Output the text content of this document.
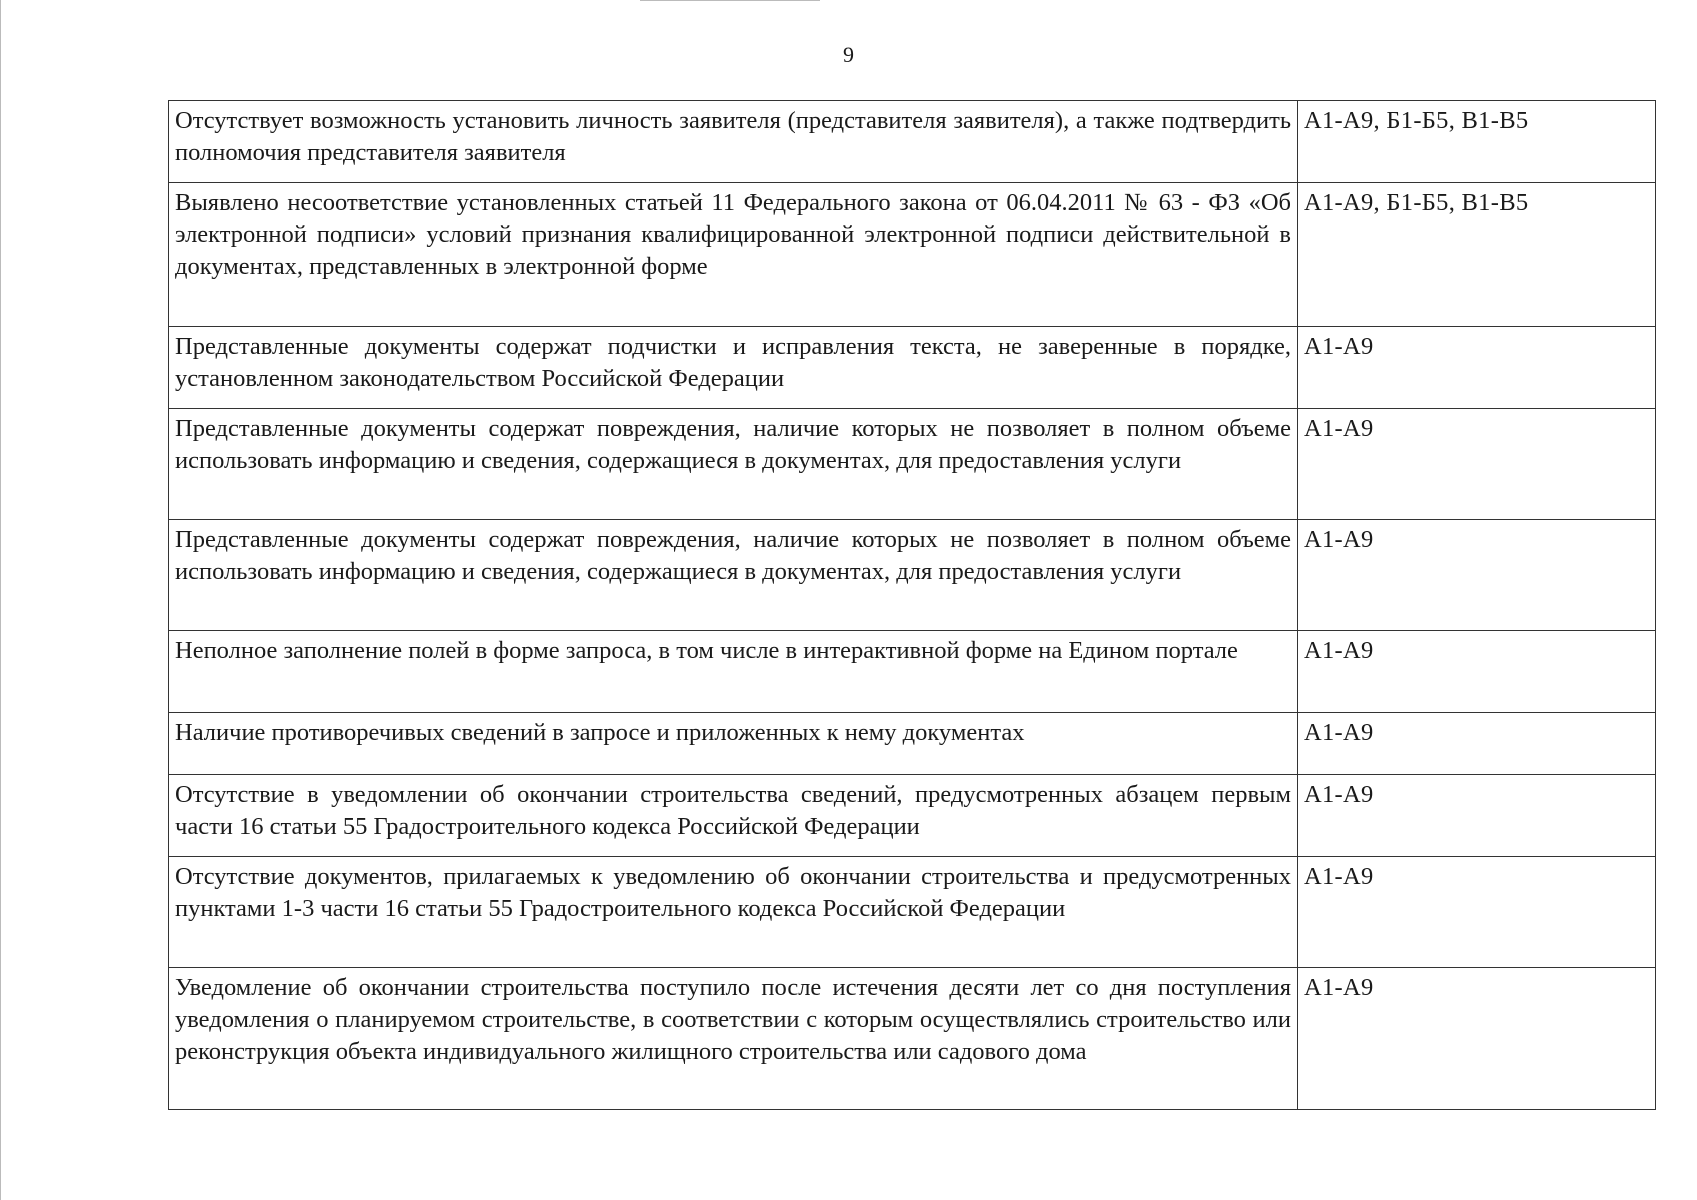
9
Отсутствует возможность установить личность заявителя (представителя заявителя), а также подтвердить полномочия представителя заявителя	А1-А9, Б1-Б5, В1-В5
Выявлено несоответствие установленных статьей 11 Федерального закона от 06.04.2011 № 63 - ФЗ «Об электронной подписи» условий признания квалифицированной электронной подписи действительной в документах, представленных в электронной форме	А1-А9, Б1-Б5, В1-В5
Представленные документы содержат подчистки и исправления текста, не заверенные в порядке, установленном законодательством Российской Федерации	А1-А9
Представленные документы содержат повреждения, наличие которых не позволяет в полном объеме использовать информацию и сведения, содержащиеся в документах, для предоставления услуги	А1-А9
Представленные документы содержат повреждения, наличие которых не позволяет в полном объеме использовать информацию и сведения, содержащиеся в документах, для предоставления услуги	А1-А9
Неполное заполнение полей в форме запроса, в том числе в интерактивной форме на Едином портале	А1-А9
Наличие противоречивых сведений в запросе и приложенных к нему документах	А1-А9
Отсутствие в уведомлении об окончании строительства сведений, предусмотренных абзацем первым части 16 статьи 55 Градостроительного кодекса Российской Федерации	А1-А9
Отсутствие документов, прилагаемых к уведомлению об окончании строительства и предусмотренных пунктами 1-3 части 16 статьи 55 Градостроительного кодекса Российской Федерации	А1-А9
Уведомление об окончании строительства поступило после истечения десяти лет со дня поступления уведомления о планируемом строительстве, в соответствии с которым осуществлялись строительство или реконструкция объекта индивидуального жилищного строительства или садового дома	А1-А9
